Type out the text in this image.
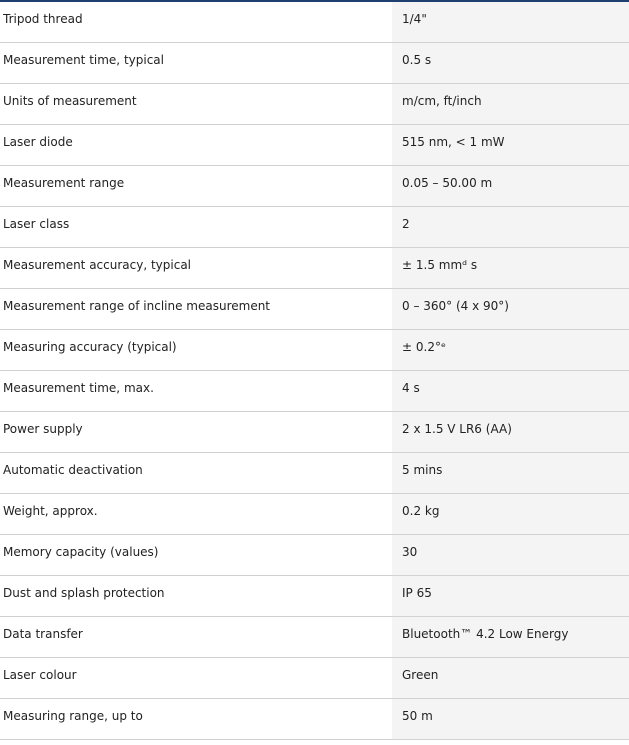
Tripod thread	1/4"
Measurement time, typical	0.5 s
Units of measurement	m/cm, ft/inch
Laser diode	515 nm, < 1 mW
Measurement range	0.05 – 50.00 m
Laser class	2
Measurement accuracy, typical	± 1.5 mmᵈ s
Measurement range of incline measurement	0 – 360° (4 x 90°)
Measuring accuracy (typical)	± 0.2°ᵉ
Measurement time, max.	4 s
Power supply	2 x 1.5 V LR6 (AA)
Automatic deactivation	5 mins
Weight, approx.	0.2 kg
Memory capacity (values)	30
Dust and splash protection	IP 65
Data transfer	Bluetooth™ 4.2 Low Energy
Laser colour	Green
Measuring range, up to	50 m
